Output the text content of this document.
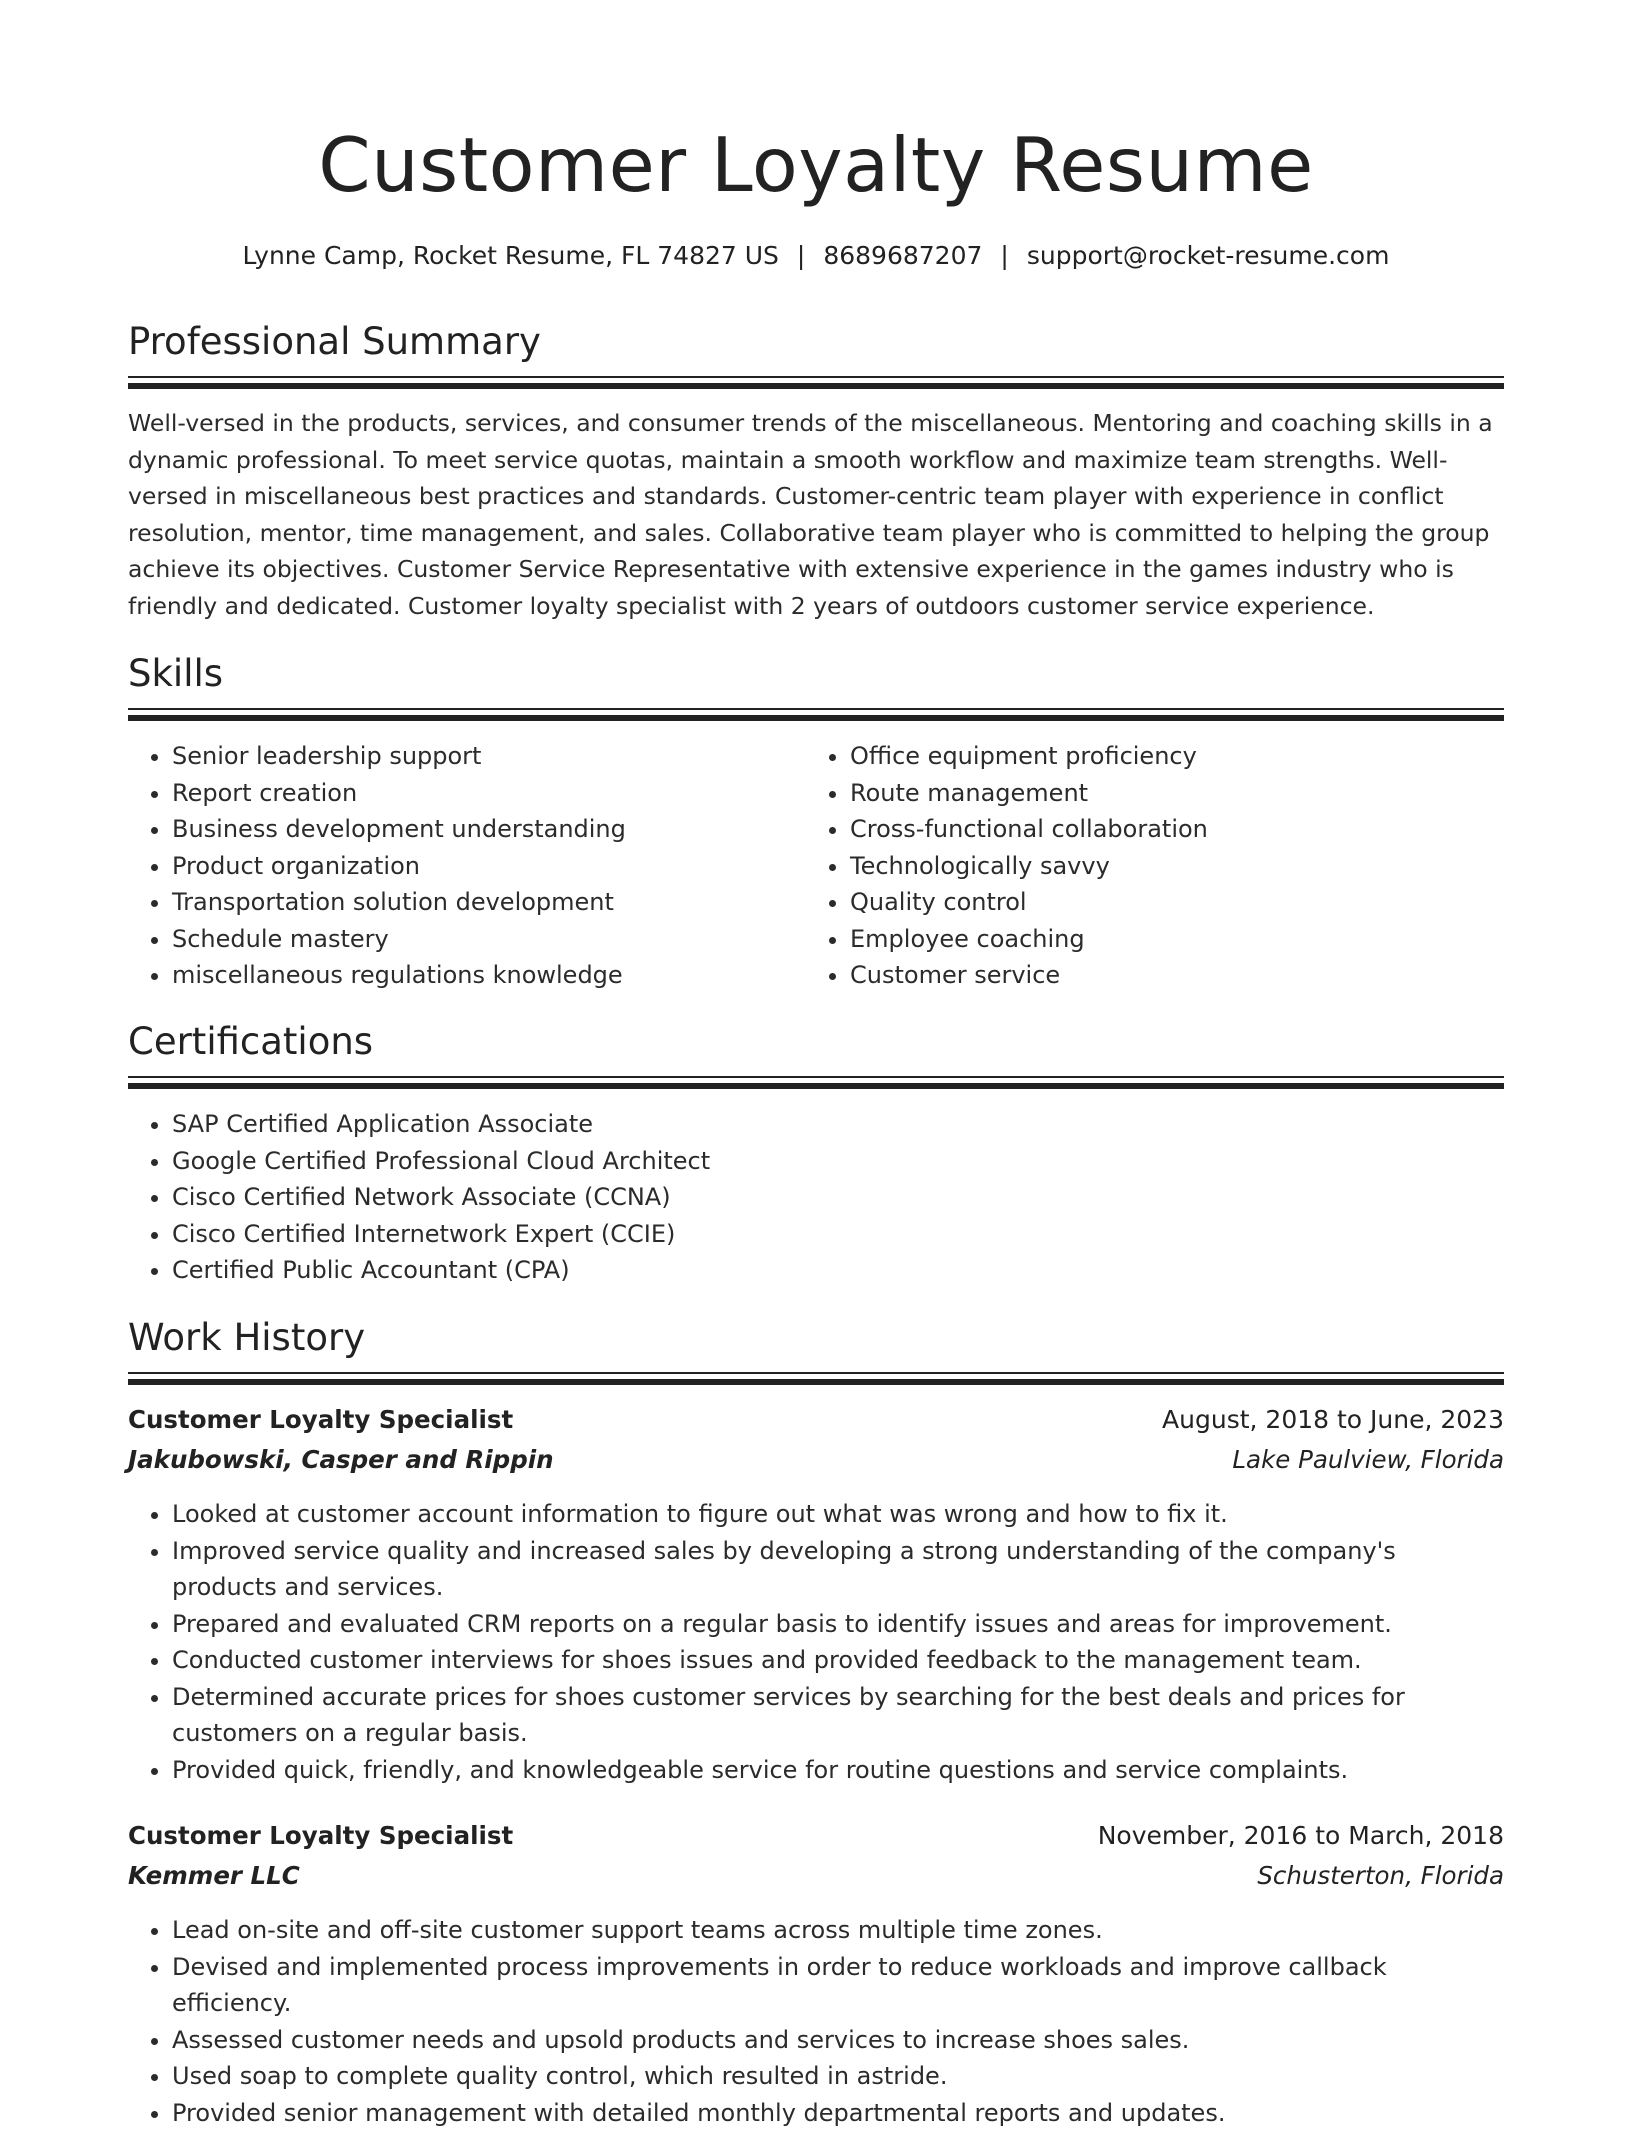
Customer Loyalty Resume
Lynne Camp, Rocket Resume, FL 74827 US | 8689687207 | support@rocket-resume.com
Professional Summary

Well-versed in the products, services, and consumer trends of the miscellaneous. Mentoring and coaching skills in a dynamic professional. To meet service quotas, maintain a smooth workflow and maximize team strengths. Well-versed in miscellaneous best practices and standards. Customer-centric team player with experience in conflict resolution, mentor, time management, and sales. Collaborative team player who is committed to helping the group achieve its objectives. Customer Service Representative with extensive experience in the games industry who is friendly and dedicated. Customer loyalty specialist with 2 years of outdoors customer service experience.

Skills
• Senior leadership support
• Report creation
• Business development understanding
• Product organization
• Transportation solution development
• Schedule mastery
• miscellaneous regulations knowledge
• Office equipment proficiency
• Route management
• Cross-functional collaboration
• Technologically savvy
• Quality control
• Employee coaching
• Customer service
Certifications
• SAP Certified Application Associate
• Google Certified Professional Cloud Architect
• Cisco Certified Network Associate (CCNA)
• Cisco Certified Internetwork Expert (CCIE)
• Certified Public Accountant (CPA)
Work History
Customer Loyalty Specialist	August, 2018 to June, 2023
Jakubowski, Casper and Rippin	Lake Paulview, Florida
• Looked at customer account information to figure out what was wrong and how to fix it.
• Improved service quality and increased sales by developing a strong understanding of the company's products and services.
• Prepared and evaluated CRM reports on a regular basis to identify issues and areas for improvement.
• Conducted customer interviews for shoes issues and provided feedback to the management team.
• Determined accurate prices for shoes customer services by searching for the best deals and prices for customers on a regular basis.
• Provided quick, friendly, and knowledgeable service for routine questions and service complaints.
Customer Loyalty Specialist	November, 2016 to March, 2018
Kemmer LLC	Schusterton, Florida
• Lead on-site and off-site customer support teams across multiple time zones.
• Devised and implemented process improvements in order to reduce workloads and improve callback efficiency.
• Assessed customer needs and upsold products and services to increase shoes sales.
• Used soap to complete quality control, which resulted in astride.
• Provided senior management with detailed monthly departmental reports and updates.
